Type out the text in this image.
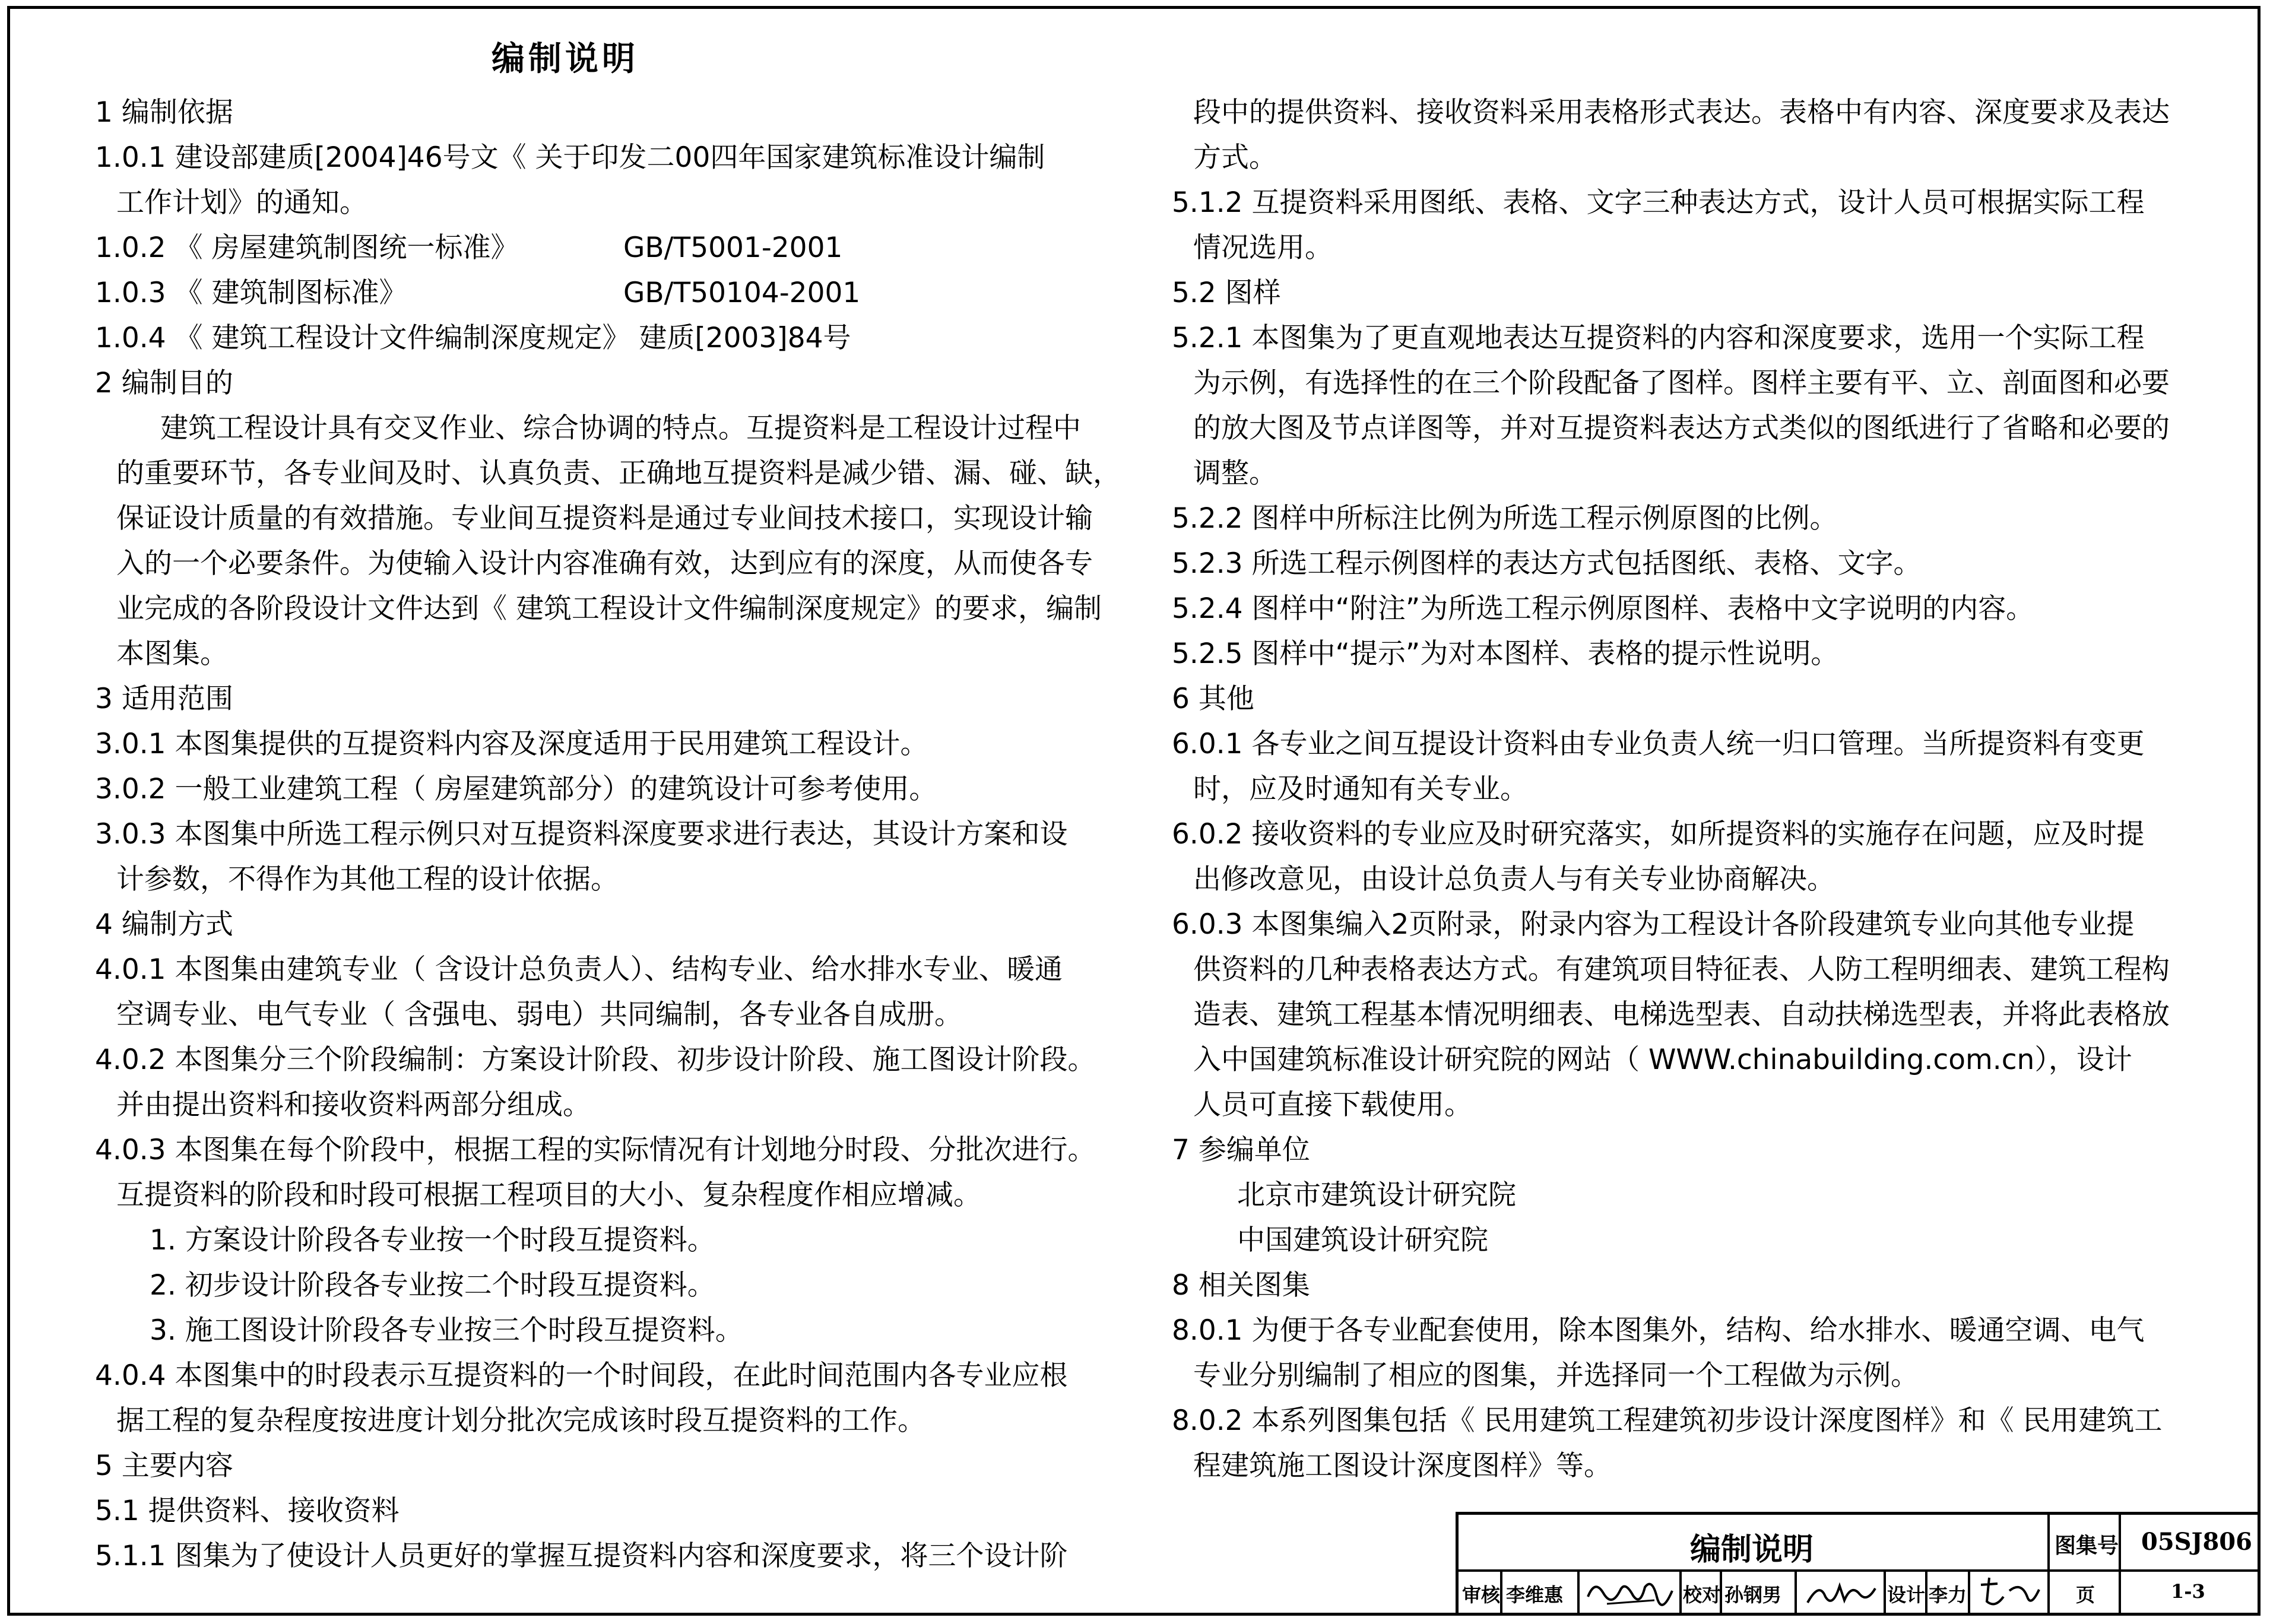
编制说明
1 编制依据
1.0.1 建设部建质[2004]46号文《 关于印发二00四年国家建筑标准设计编制
工作计划》的通知。
1.0.2 《 房屋建筑制图统一标准》	GB/T5001-2001
1.0.3 《 建筑制图标准》	GB/T50104-2001
1.0.4 《 建筑工程设计文件编制深度规定》 建质[2003]84号
2 编制目的
建筑工程设计具有交叉作业、综合协调的特点。互提资料是工程设计过程中
的重要环节，各专业间及时、认真负责、正确地互提资料是减少错、漏、碰、缺，
保证设计质量的有效措施。专业间互提资料是通过专业间技术接口，实现设计输
入的一个必要条件。为使输入设计内容准确有效，达到应有的深度，从而使各专
业完成的各阶段设计文件达到《 建筑工程设计文件编制深度规定》的要求，编制
本图集。
3 适用范围
3.0.1 本图集提供的互提资料内容及深度适用于民用建筑工程设计。
3.0.2 一般工业建筑工程（ 房屋建筑部分）的建筑设计可参考使用。
3.0.3 本图集中所选工程示例只对互提资料深度要求进行表达，其设计方案和设
计参数，不得作为其他工程的设计依据。
4 编制方式
4.0.1 本图集由建筑专业（ 含设计总负责人）、结构专业、给水排水专业、暖通
空调专业、电气专业（ 含强电、弱电）共同编制，各专业各自成册。
4.0.2 本图集分三个阶段编制：方案设计阶段、初步设计阶段、施工图设计阶段。
并由提出资料和接收资料两部分组成。
4.0.3 本图集在每个阶段中，根据工程的实际情况有计划地分时段、分批次进行。
互提资料的阶段和时段可根据工程项目的大小、复杂程度作相应增减。
1. 方案设计阶段各专业按一个时段互提资料。
2. 初步设计阶段各专业按二个时段互提资料。
3. 施工图设计阶段各专业按三个时段互提资料。
4.0.4 本图集中的时段表示互提资料的一个时间段，在此时间范围内各专业应根
据工程的复杂程度按进度计划分批次完成该时段互提资料的工作。
5 主要内容
5.1 提供资料、接收资料
5.1.1 图集为了使设计人员更好的掌握互提资料内容和深度要求，将三个设计阶
段中的提供资料、接收资料采用表格形式表达。表格中有内容、深度要求及表达
方式。
5.1.2 互提资料采用图纸、表格、文字三种表达方式，设计人员可根据实际工程
情况选用。
5.2 图样
5.2.1 本图集为了更直观地表达互提资料的内容和深度要求，选用一个实际工程
为示例，有选择性的在三个阶段配备了图样。图样主要有平、立、剖面图和必要
的放大图及节点详图等，并对互提资料表达方式类似的图纸进行了省略和必要的
调整。
5.2.2 图样中所标注比例为所选工程示例原图的比例。
5.2.3 所选工程示例图样的表达方式包括图纸、表格、文字。
5.2.4 图样中“附注”为所选工程示例原图样、表格中文字说明的内容。
5.2.5 图样中“提示”为对本图样、表格的提示性说明。
6 其他
6.0.1 各专业之间互提设计资料由专业负责人统一归口管理。当所提资料有变更
时，应及时通知有关专业。
6.0.2 接收资料的专业应及时研究落实，如所提资料的实施存在问题，应及时提
出修改意见，由设计总负责人与有关专业协商解决。
6.0.3 本图集编入2页附录，附录内容为工程设计各阶段建筑专业向其他专业提
供资料的几种表格表达方式。有建筑项目特征表、人防工程明细表、建筑工程构
造表、建筑工程基本情况明细表、电梯选型表、自动扶梯选型表，并将此表格放
入中国建筑标准设计研究院的网站（ WWW.chinabuilding.com.cn），设计
人员可直接下载使用。
7 参编单位
北京市建筑设计研究院
中国建筑设计研究院
8 相关图集
8.0.1 为便于各专业配套使用，除本图集外，结构、给水排水、暖通空调、电气
专业分别编制了相应的图集，并选择同一个工程做为示例。
8.0.2 本系列图集包括《 民用建筑工程建筑初步设计深度图样》和《 民用建筑工
程建筑施工图设计深度图样》等。
编制说明	图集号 05SJ806
审核 李维惠	校对 孙钢男	设计 李力	页	1-3
